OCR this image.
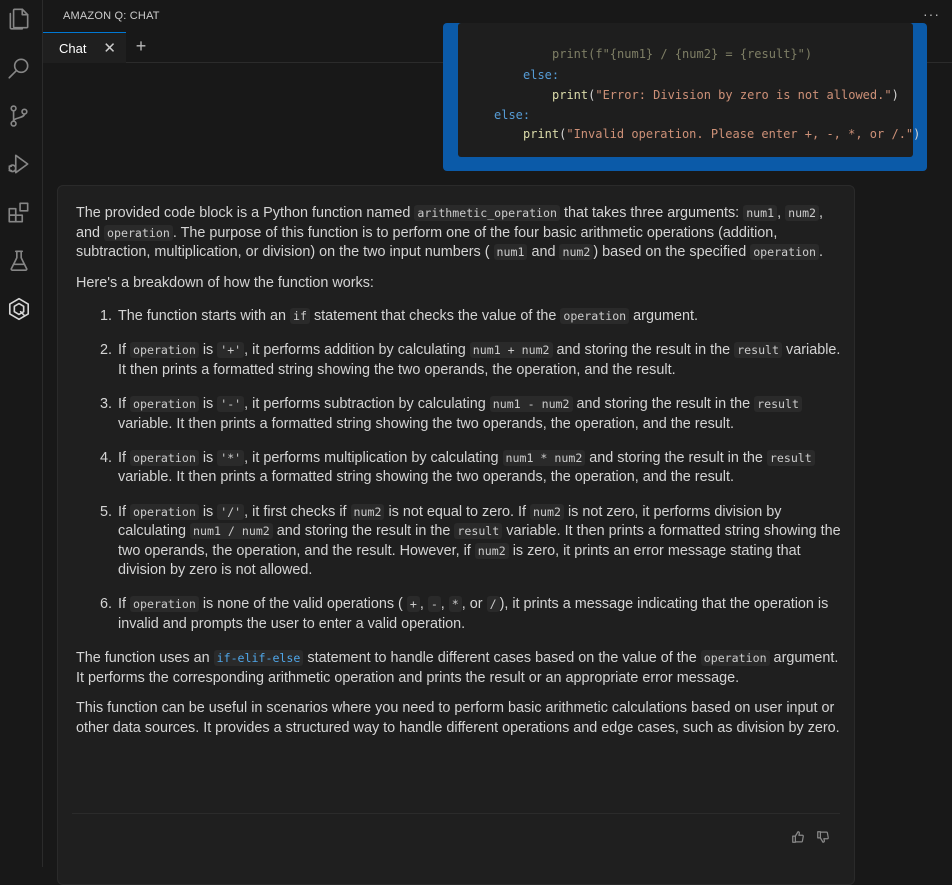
AMAZON Q: CHAT	···
Chat ✕ +	print(f"{num1} / {num2} = {result}")
else:
print("Error: Division by zero is not allowed.")
else:
print("Invalid operation. Please enter +, -, *, or /.")
The provided code block is a Python function named arithmetic_operation that takes three arguments: num1 , num2 , and operation . The purpose of this function is to perform one of the four basic arithmetic operations (addition, subtraction, multiplication, or division) on the two input numbers ( num1 and num2 ) based on the specified operation .
Here's a breakdown of how the function works:
1. The function starts with an if statement that checks the value of the operation argument.
2. If operation is '+' , it performs addition by calculating num1 + num2 and storing the result in the result variable. It then prints a formatted string showing the two operands, the operation, and the result.
3. If operation is '-' , it performs subtraction by calculating num1 - num2 and storing the result in the result variable. It then prints a formatted string showing the two operands, the operation, and the result.
4. If operation is '*' , it performs multiplication by calculating num1 * num2 and storing the result in the result variable. It then prints a formatted string showing the two operands, the operation, and the result.
5. If operation is '/' , it first checks if num2 is not equal to zero. If num2 is not zero, it performs division by calculating num1 / num2 and storing the result in the result variable. It then prints a formatted string showing the two operands, the operation, and the result. However, if num2 is zero, it prints an error message stating that division by zero is not allowed.
6. If operation is none of the valid operations ( + , - , * , or / ), it prints a message indicating that the operation is invalid and prompts the user to enter a valid operation.
The function uses an if-elif-else statement to handle different cases based on the value of the operation argument. It performs the corresponding arithmetic operation and prints the result or an appropriate error message.
This function can be useful in scenarios where you need to perform basic arithmetic calculations based on user input or other data sources. It provides a structured way to handle different operations and edge cases, such as division by zero.
